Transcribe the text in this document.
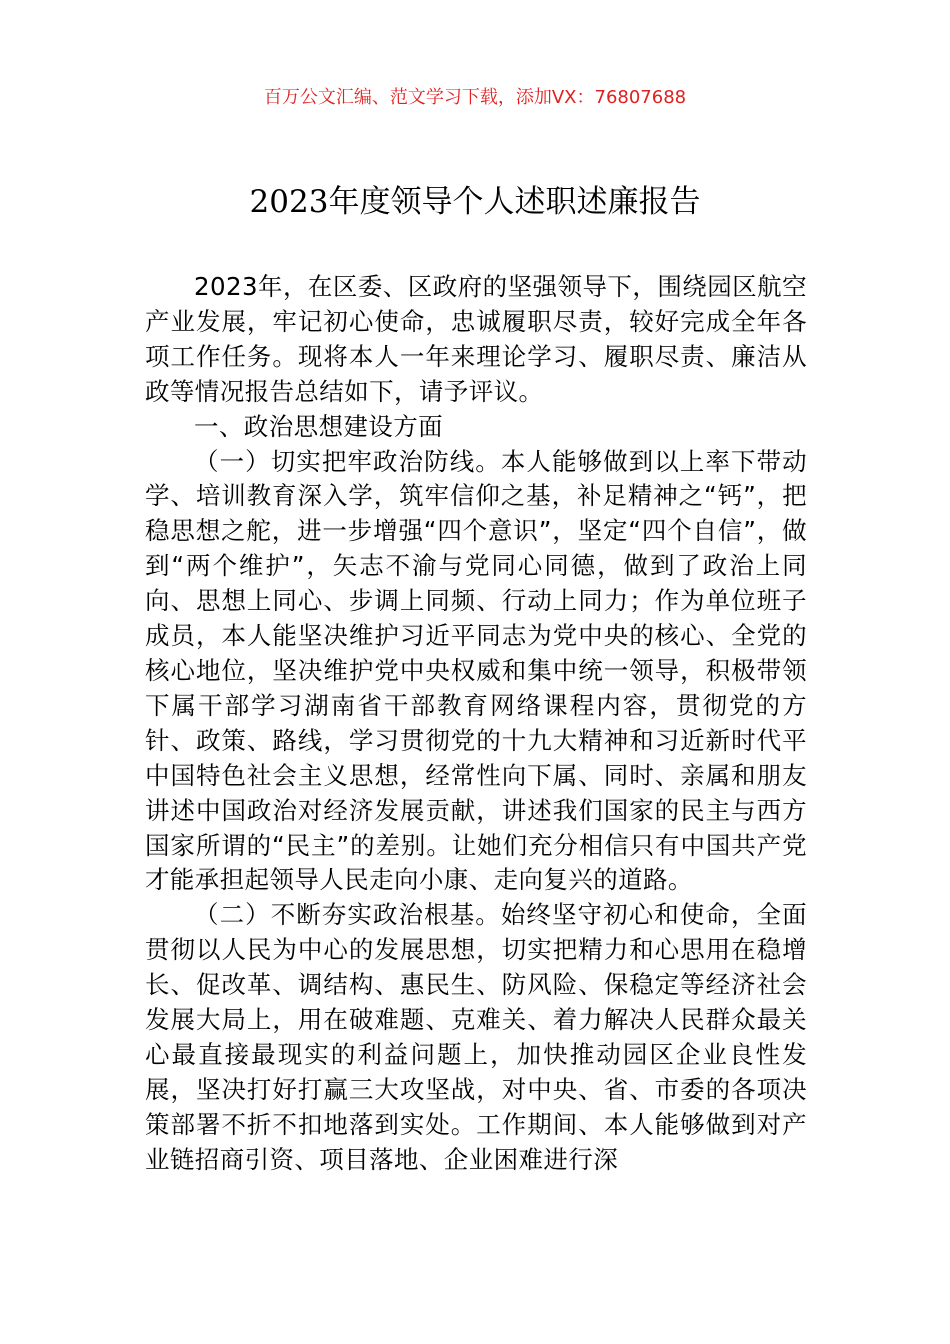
百万公文汇编、范文学习下载，添加VX：76807688
2023年度领导个人述职述廉报告

2023年，在区委、区政府的坚强领导下，围绕园区航空产业发展，牢记初心使命，忠诚履职尽责，较好完成全年各项工作任务。现将本人一年来理论学习、履职尽责、廉洁从政等情况报告总结如下，请予评议。

一、政治思想建设方面

（一）切实把牢政治防线。本人能够做到以上率下带动学、培训教育深入学，筑牢信仰之基，补足精神之“钙”，把稳思想之舵，进一步增强“四个意识”，坚定“四个自信”，做到“两个维护”，矢志不渝与党同心同德，做到了政治上同向、思想上同心、步调上同频、行动上同力；作为单位班子成员，本人能坚决维护习近平同志为党中央的核心、全党的核心地位，坚决维护党中央权威和集中统一领导，积极带领下属干部学习湖南省干部教育网络课程内容，贯彻党的方针、政策、路线，学习贯彻党的十九大精神和习近新时代平中国特色社会主义思想，经常性向下属、同时、亲属和朋友讲述中国政治对经济发展贡献，讲述我们国家的民主与西方国家所谓的“民主”的差别。让她们充分相信只有中国共产党才能承担起领导人民走向小康、走向复兴的道路。

（二）不断夯实政治根基。始终坚守初心和使命，全面贯彻以人民为中心的发展思想，切实把精力和心思用在稳增长、促改革、调结构、惠民生、防风险、保稳定等经济社会发展大局上，用在破难题、克难关、着力解决人民群众最关心最直接最现实的利益问题上，加快推动园区企业良性发展，坚决打好打赢三大攻坚战，对中央、省、市委的各项决策部署不折不扣地落到实处。工作期间、本人能够做到对产业链招商引资、项目落地、企业困难进行深
